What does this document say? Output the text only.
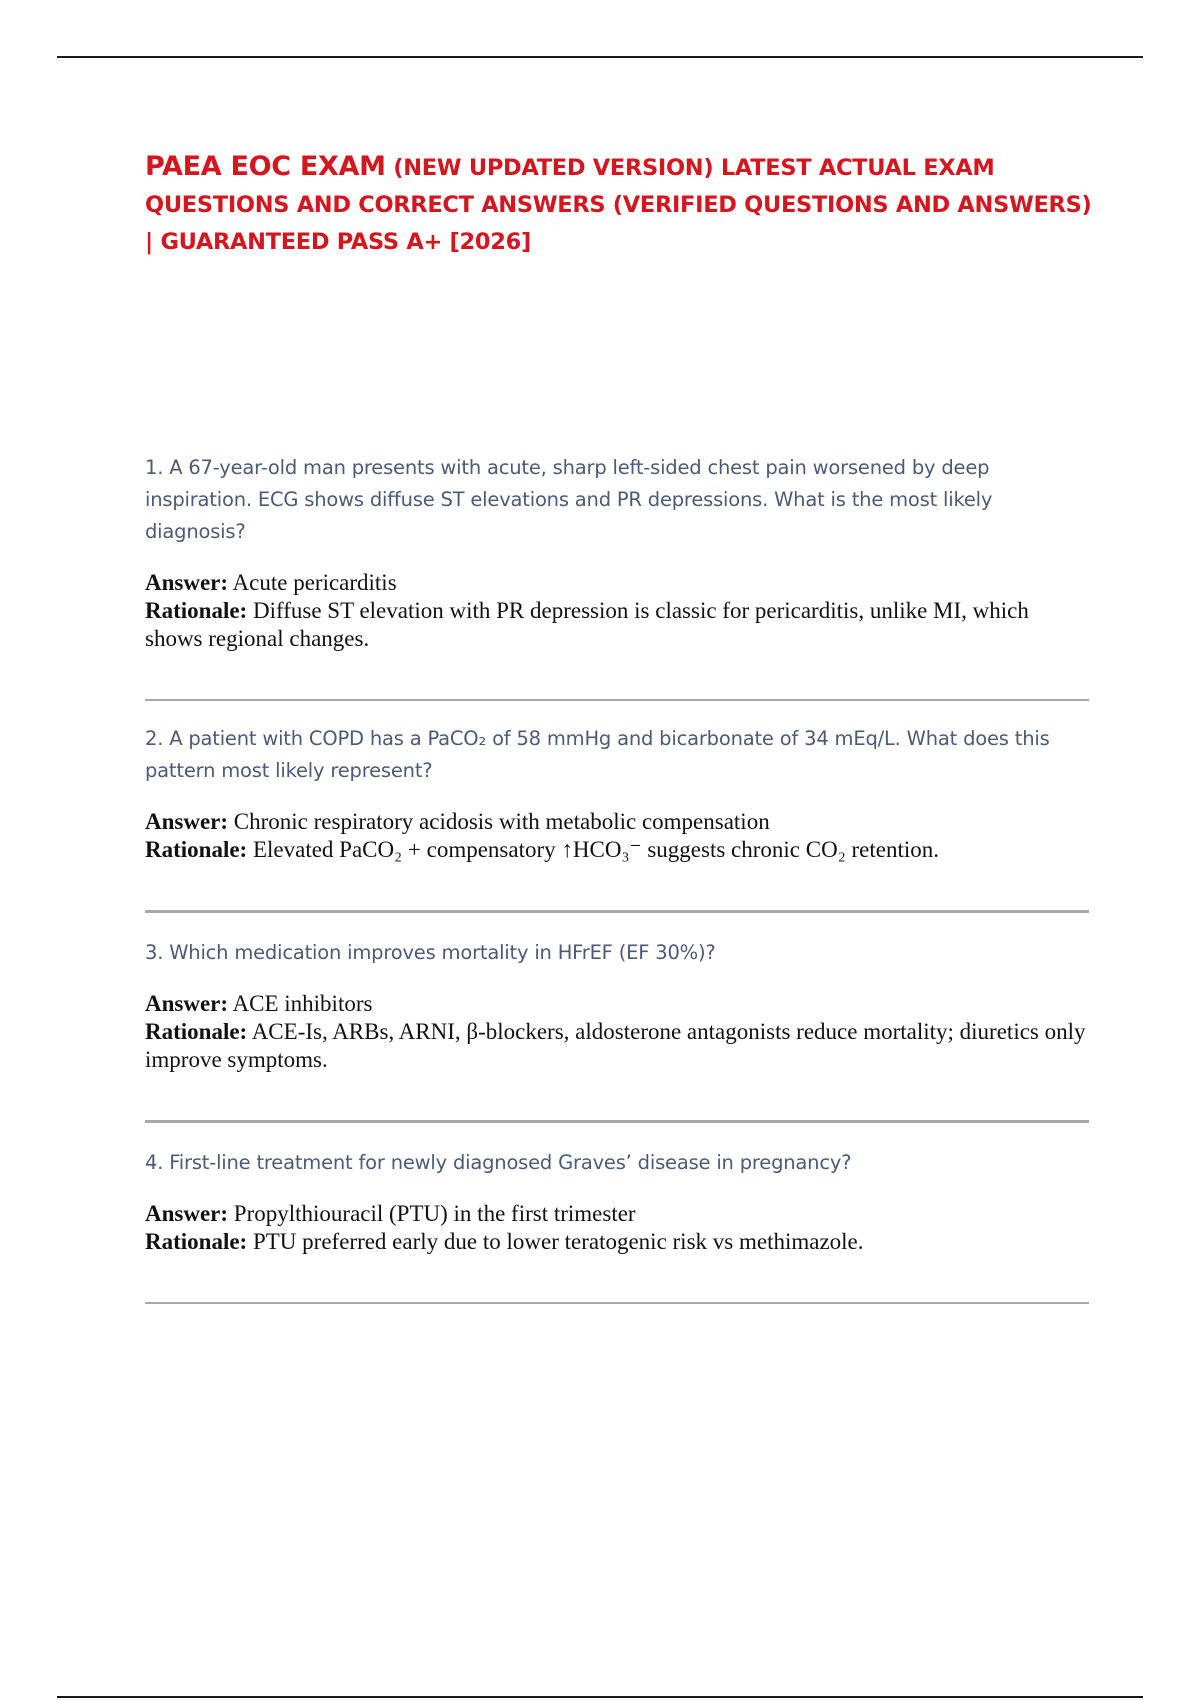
PAEA EOC EXAM (NEW UPDATED VERSION) LATEST ACTUAL EXAM QUESTIONS AND CORRECT ANSWERS (VERIFIED QUESTIONS AND ANSWERS) | GUARANTEED PASS A+ [2026]

1. A 67-year-old man presents with acute, sharp left-sided chest pain worsened by deep inspiration. ECG shows diffuse ST elevations and PR depressions. What is the most likely diagnosis?

Answer: Acute pericarditis

Rationale: Diffuse ST elevation with PR depression is classic for pericarditis, unlike MI, which shows regional changes.

2. A patient with COPD has a PaCO₂ of 58 mmHg and bicarbonate of 34 mEq/L. What does this pattern most likely represent?

Answer: Chronic respiratory acidosis with metabolic compensation

Rationale: Elevated PaCO₂ + compensatory ↑HCO₃⁻ suggests chronic CO₂ retention.

3. Which medication improves mortality in HFrEF (EF 30%)?

Answer: ACE inhibitors

Rationale: ACE-Is, ARBs, ARNI, β-blockers, aldosterone antagonists reduce mortality; diuretics only improve symptoms.

4. First-line treatment for newly diagnosed Graves’ disease in pregnancy?

Answer: Propylthiouracil (PTU) in the first trimester

Rationale: PTU preferred early due to lower teratogenic risk vs methimazole.
